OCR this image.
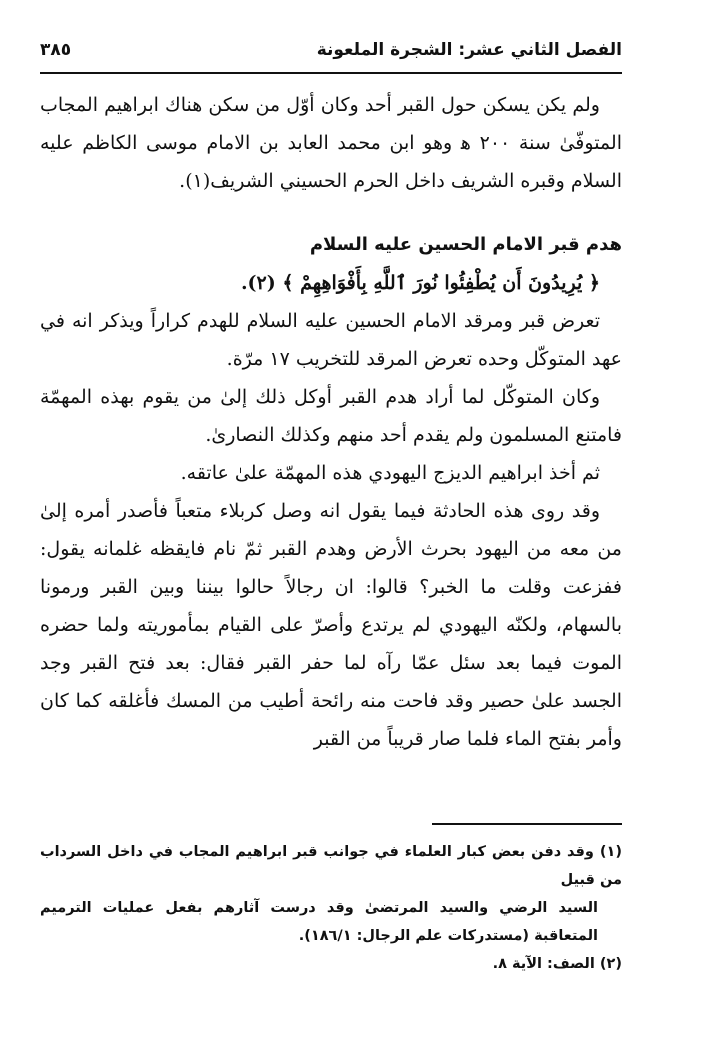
الفصل الثاني عشر: الشجرة الملعونة
٣٨٥

ولم يكن يسكن حول القبر أحد وكان أوّل من سكن هناك ابراهيم المجاب المتوفّىٰ سنة ٢٠٠ ﻫ وهو ابن محمد العابد بن الامام موسى الكاظم عليه السلام وقبره الشريف داخل الحرم الحسيني الشريف(١).

هدم قبر الامام الحسين عليه السلام

﴿ يُرِيدُونَ أَن يُطْفِئُوا نُورَ ٱللَّهِ بِأَفْوَاهِهِمْ ﴾ (٢).

تعرض قبر ومرقد الامام الحسين عليه السلام للهدم كراراً ويذكر انه في عهد المتوكّل وحده تعرض المرقد للتخريب ١٧ مرّة.

وكان المتوكّل لما أراد هدم القبر أوكل ذلك إلىٰ من يقوم بهذه المهمّة فامتنع المسلمون ولم يقدم أحد منهم وكذلك النصارىٰ.

ثم أخذ ابراهيم الديزج اليهودي هذه المهمّة علىٰ عاتقه.

وقد روى هذه الحادثة فيما يقول انه وصل كربلاء متعباً فأصدر أمره إلىٰ من معه من اليهود بحرث الأرض وهدم القبر ثمّ نام فايقظه غلمانه يقول: ففزعت وقلت ما الخبر؟ قالوا: ان رجالاً حالوا بيننا وبين القبر ورمونا بالسهام، ولكنّه اليهودي لم يرتدع وأصرّ على القيام بمأموريته ولما حضره الموت فيما بعد سئل عمّا رآه لما حفر القبر فقال: بعد فتح القبر وجد الجسد علىٰ حصير وقد فاحت منه رائحة أطيب من المسك فأغلقه كما كان وأمر بفتح الماء فلما صار قريباً من القبر

(١) وقد دفن بعض كبار العلماء في جوانب قبر ابراهيم المجاب في داخل السرداب من قبيل

السيد الرضي والسيد المرتضىٰ وقد درست آثارهم بفعل عمليات الترميم المتعاقبة (مستدركات علم الرجال: ١٨٦/١).

(٢) الصف: الآية ٨.
